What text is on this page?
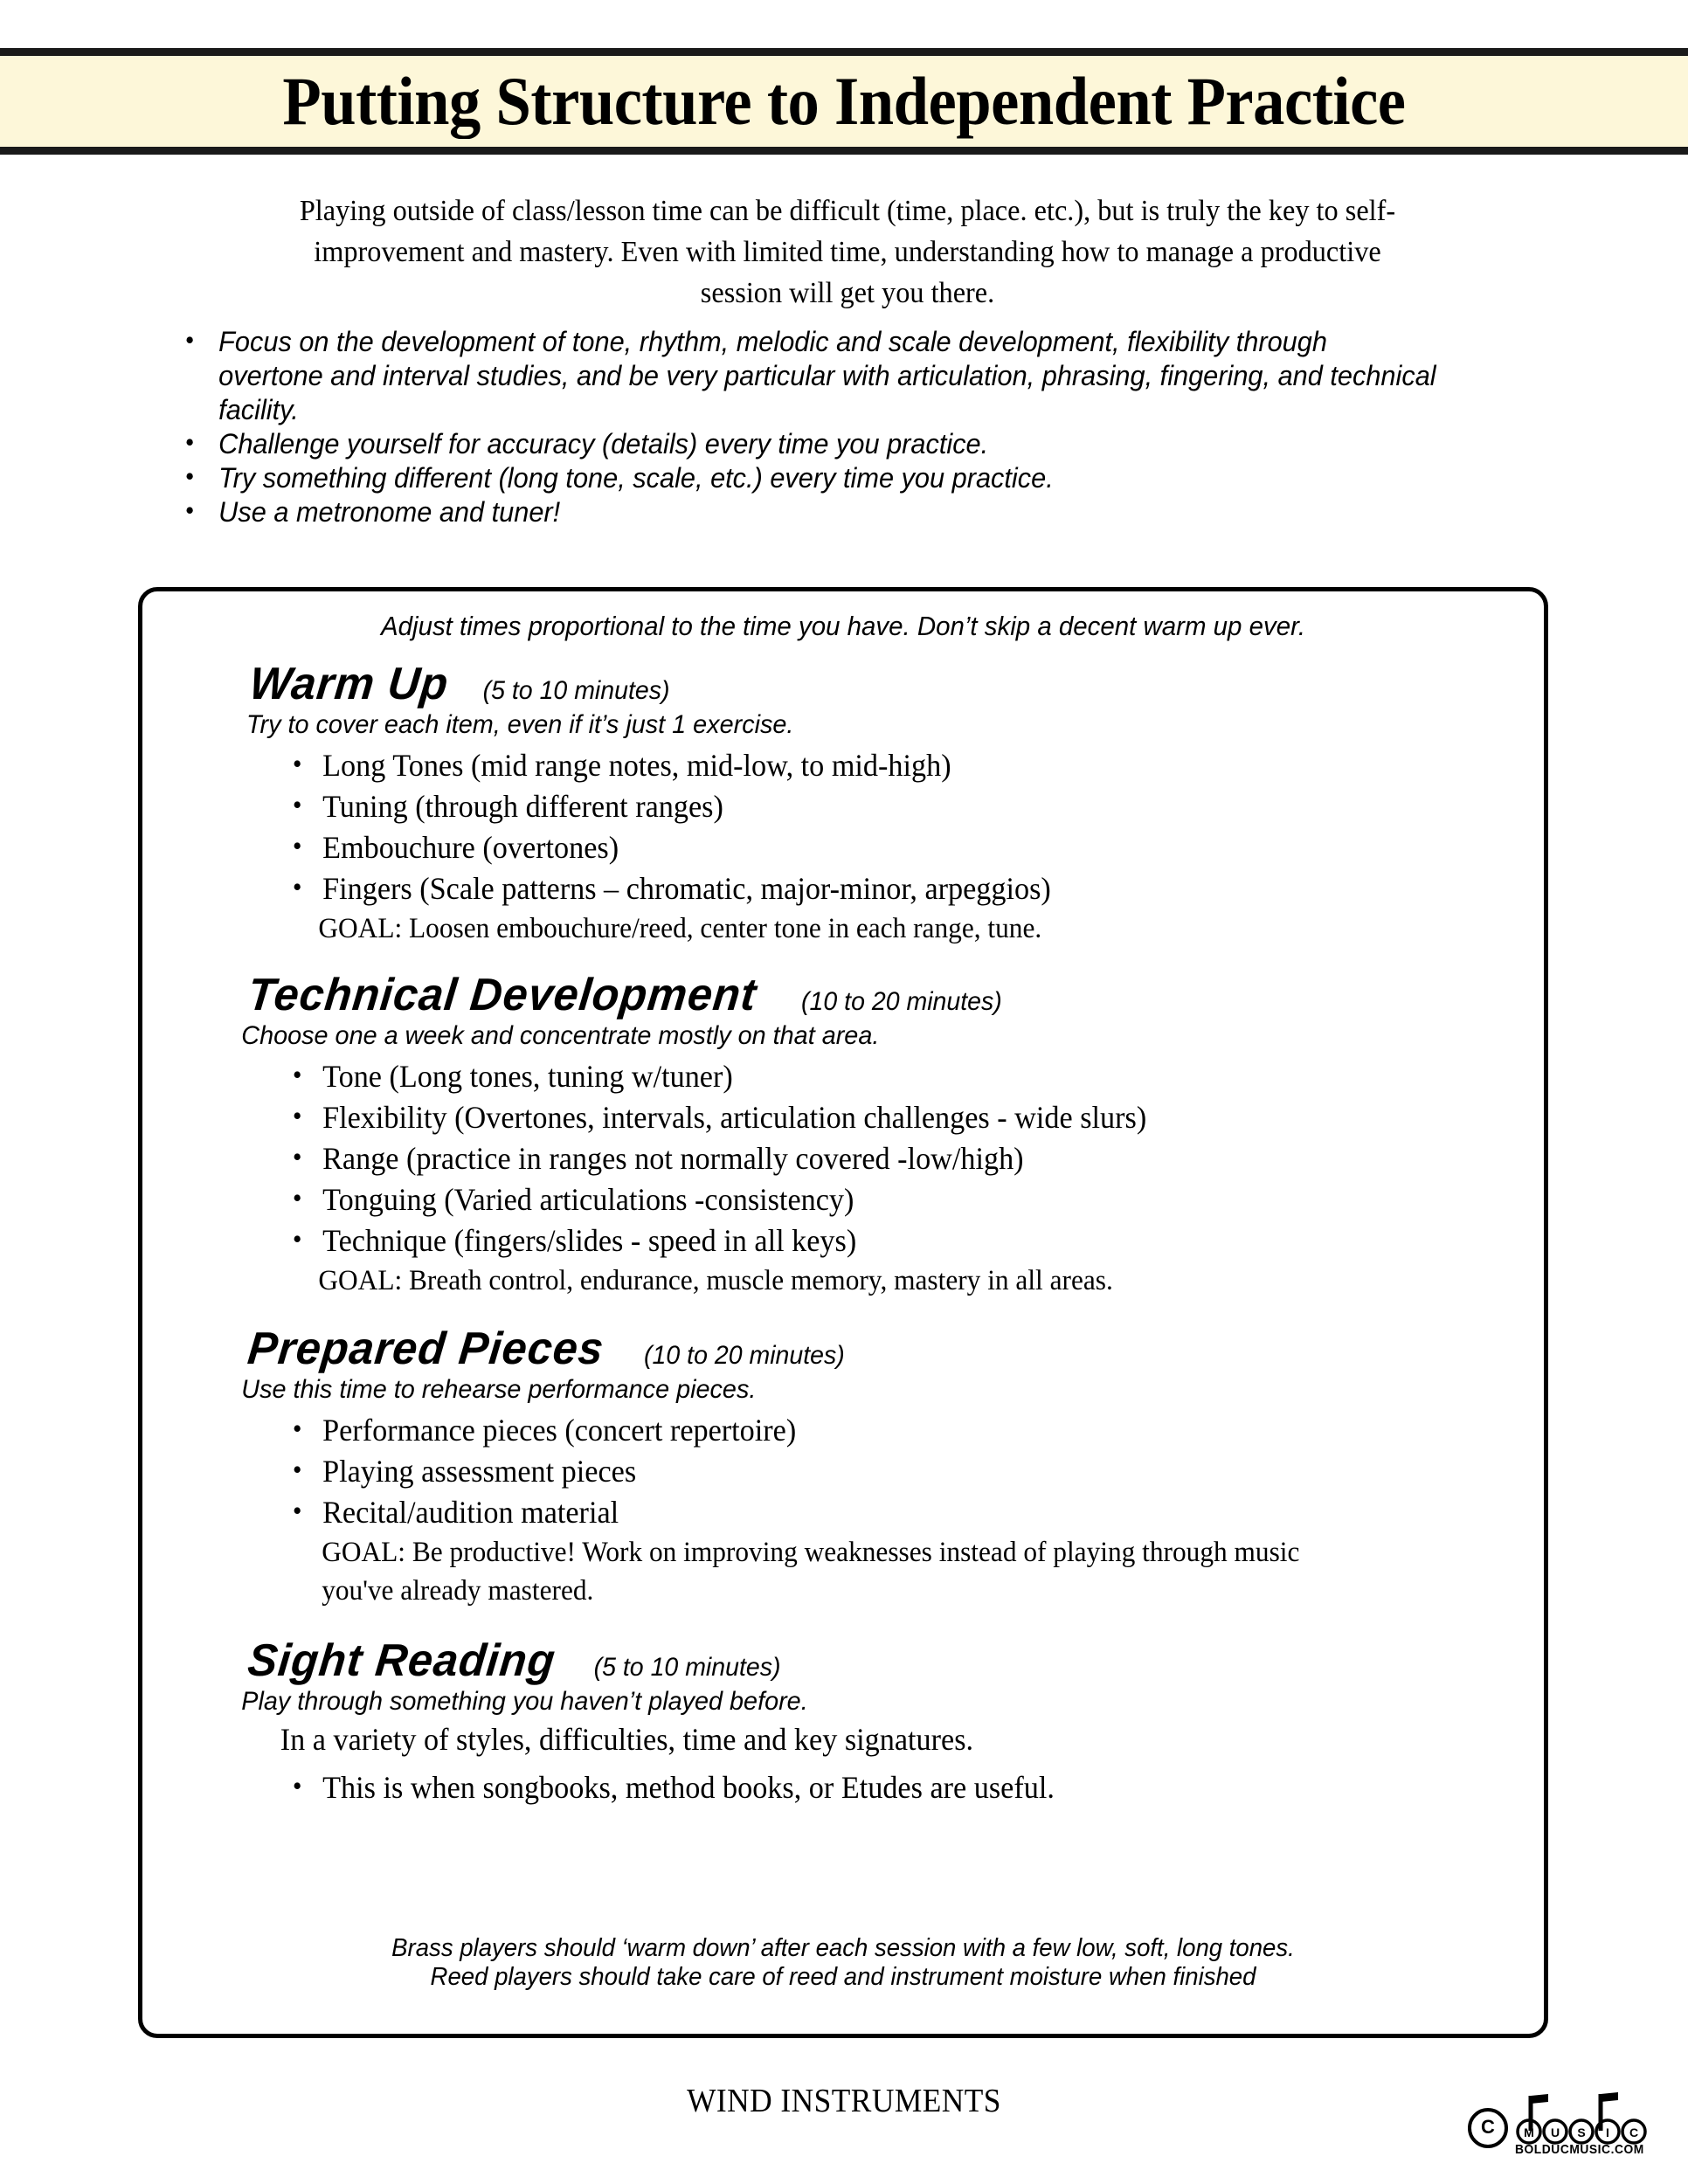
Putting Structure to Independent Practice
Playing outside of class/lesson time can be difficult (time, place. etc.), but is truly the key to self-improvement and mastery. Even with limited time, understanding how to manage a productive session will get you there.
• Focus on the development of tone, rhythm, melodic and scale development, flexibility through overtone and interval studies, and be very particular with articulation, phrasing, fingering, and technical facility.
• Challenge yourself for accuracy (details) every time you practice.
• Try something different (long tone, scale, etc.) every time you practice.
• Use a metronome and tuner!
Adjust times proportional to the time you have. Don’t skip a decent warm up ever.
Warm Up (5 to 10 minutes)
Try to cover each item, even if it’s just 1 exercise.
• Long Tones (mid range notes, mid-low, to mid-high)
• Tuning (through different ranges)
• Embouchure (overtones)
• Fingers (Scale patterns – chromatic, major-minor, arpeggios)
GOAL: Loosen embouchure/reed, center tone in each range, tune.
Technical Development (10 to 20 minutes)
Choose one a week and concentrate mostly on that area.
• Tone (Long tones, tuning w/tuner)
• Flexibility (Overtones, intervals, articulation challenges - wide slurs)
• Range (practice in ranges not normally covered -low/high)
• Tonguing (Varied articulations -consistency)
• Technique (fingers/slides - speed in all keys)
GOAL: Breath control, endurance, muscle memory, mastery in all areas.
Prepared Pieces (10 to 20 minutes)
Use this time to rehearse performance pieces.
• Performance pieces (concert repertoire)
• Playing assessment pieces
• Recital/audition material
GOAL: Be productive! Work on improving weaknesses instead of playing through music you've already mastered.
Sight Reading (5 to 10 minutes)
Play through something you haven’t played before.
In a variety of styles, difficulties, time and key signatures.
• This is when songbooks, method books, or Etudes are useful.
Brass players should ‘warm down’ after each session with a few low, soft, long tones.
Reed players should take care of reed and instrument moisture when finished
WIND INSTRUMENTS
C	M U S I C
BOLDUCMUSIC.COM
